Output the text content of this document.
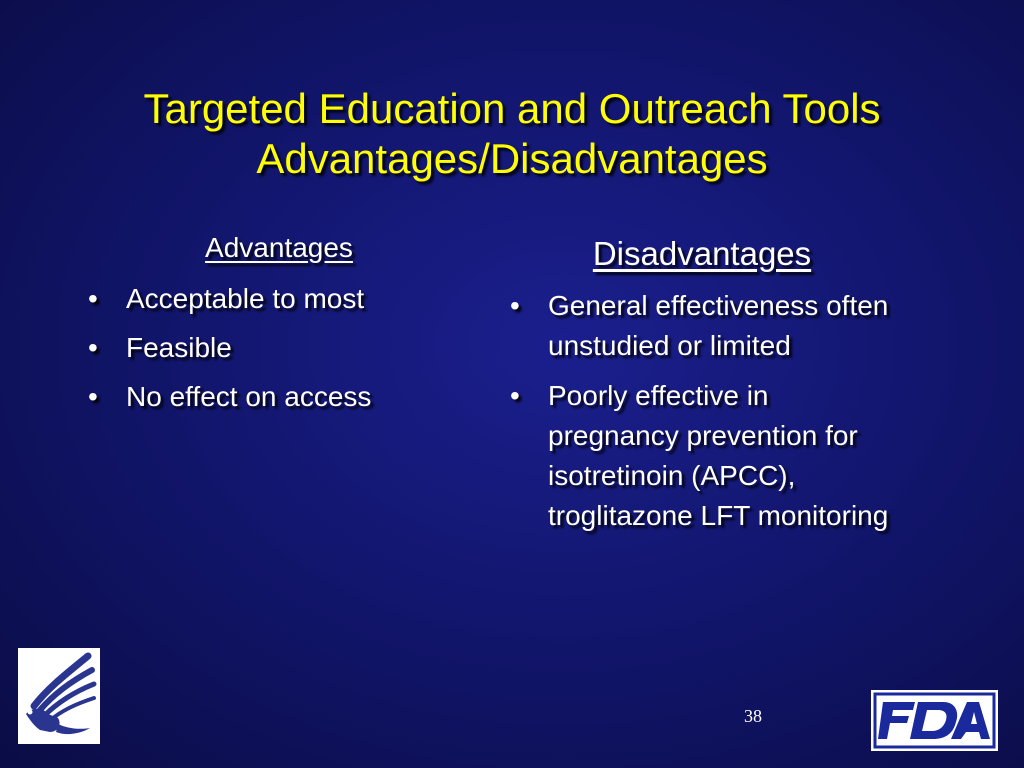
Targeted Education and Outreach Tools
Advantages/Disadvantages
Advantages
• Acceptable to most
• Feasible
• No effect on access
Disadvantages
• General effectiveness often unstudied or limited
• Poorly effective in pregnancy prevention for isotretinoin (APCC), troglitazone LFT monitoring
38
